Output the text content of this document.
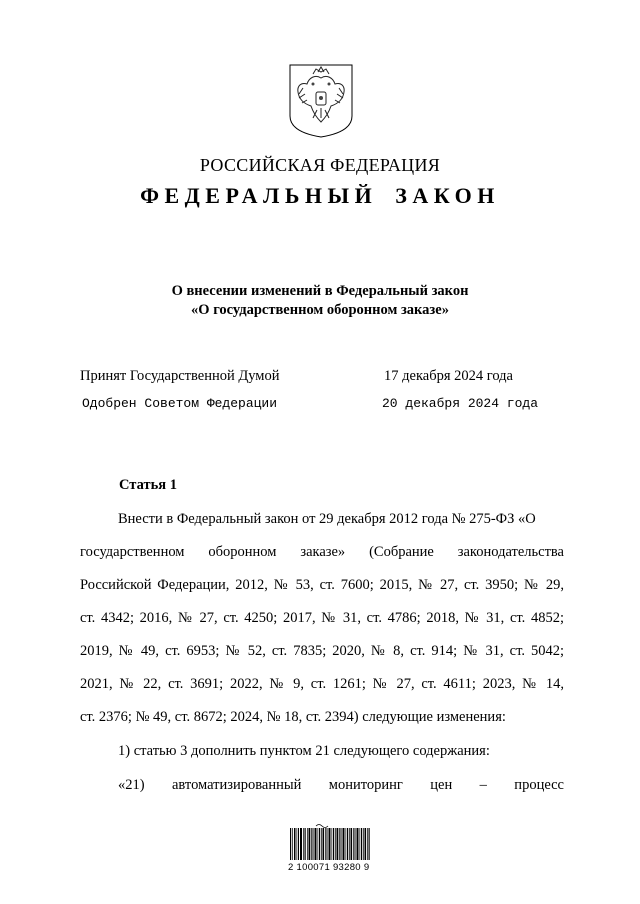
РОССИЙСКАЯ ФЕДЕРАЦИЯ
ФЕДЕРАЛЬНЫЙ ЗАКОН
О внесении изменений в Федеральный закон
«О государственном оборонном заказе»
Принят Государственной Думой	17 декабря 2024 года
Одобрен Советом Федерации	20 декабря 2024 года
Статья 1
Внести в Федеральный закон от 29 декабря 2012 года № 275-ФЗ «О
государственном оборонном заказе» (Собрание законодательства
Российской Федерации, 2012, № 53, ст. 7600; 2015, № 27, ст. 3950; № 29,
ст. 4342; 2016, № 27, ст. 4250; 2017, № 31, ст. 4786; 2018, № 31, ст. 4852;
2019, № 49, ст. 6953; № 52, ст. 7835; 2020, № 8, ст. 914; № 31, ст. 5042;
2021, № 22, ст. 3691; 2022, № 9, ст. 1261; № 27, ст. 4611; 2023, № 14,
ст. 2376; № 49, ст. 8672; 2024, № 18, ст. 2394) следующие изменения:
1) статью 3 дополнить пунктом 21 следующего содержания:
«21) автоматизированный мониторинг цен – процесс
2 100071 93280 9
